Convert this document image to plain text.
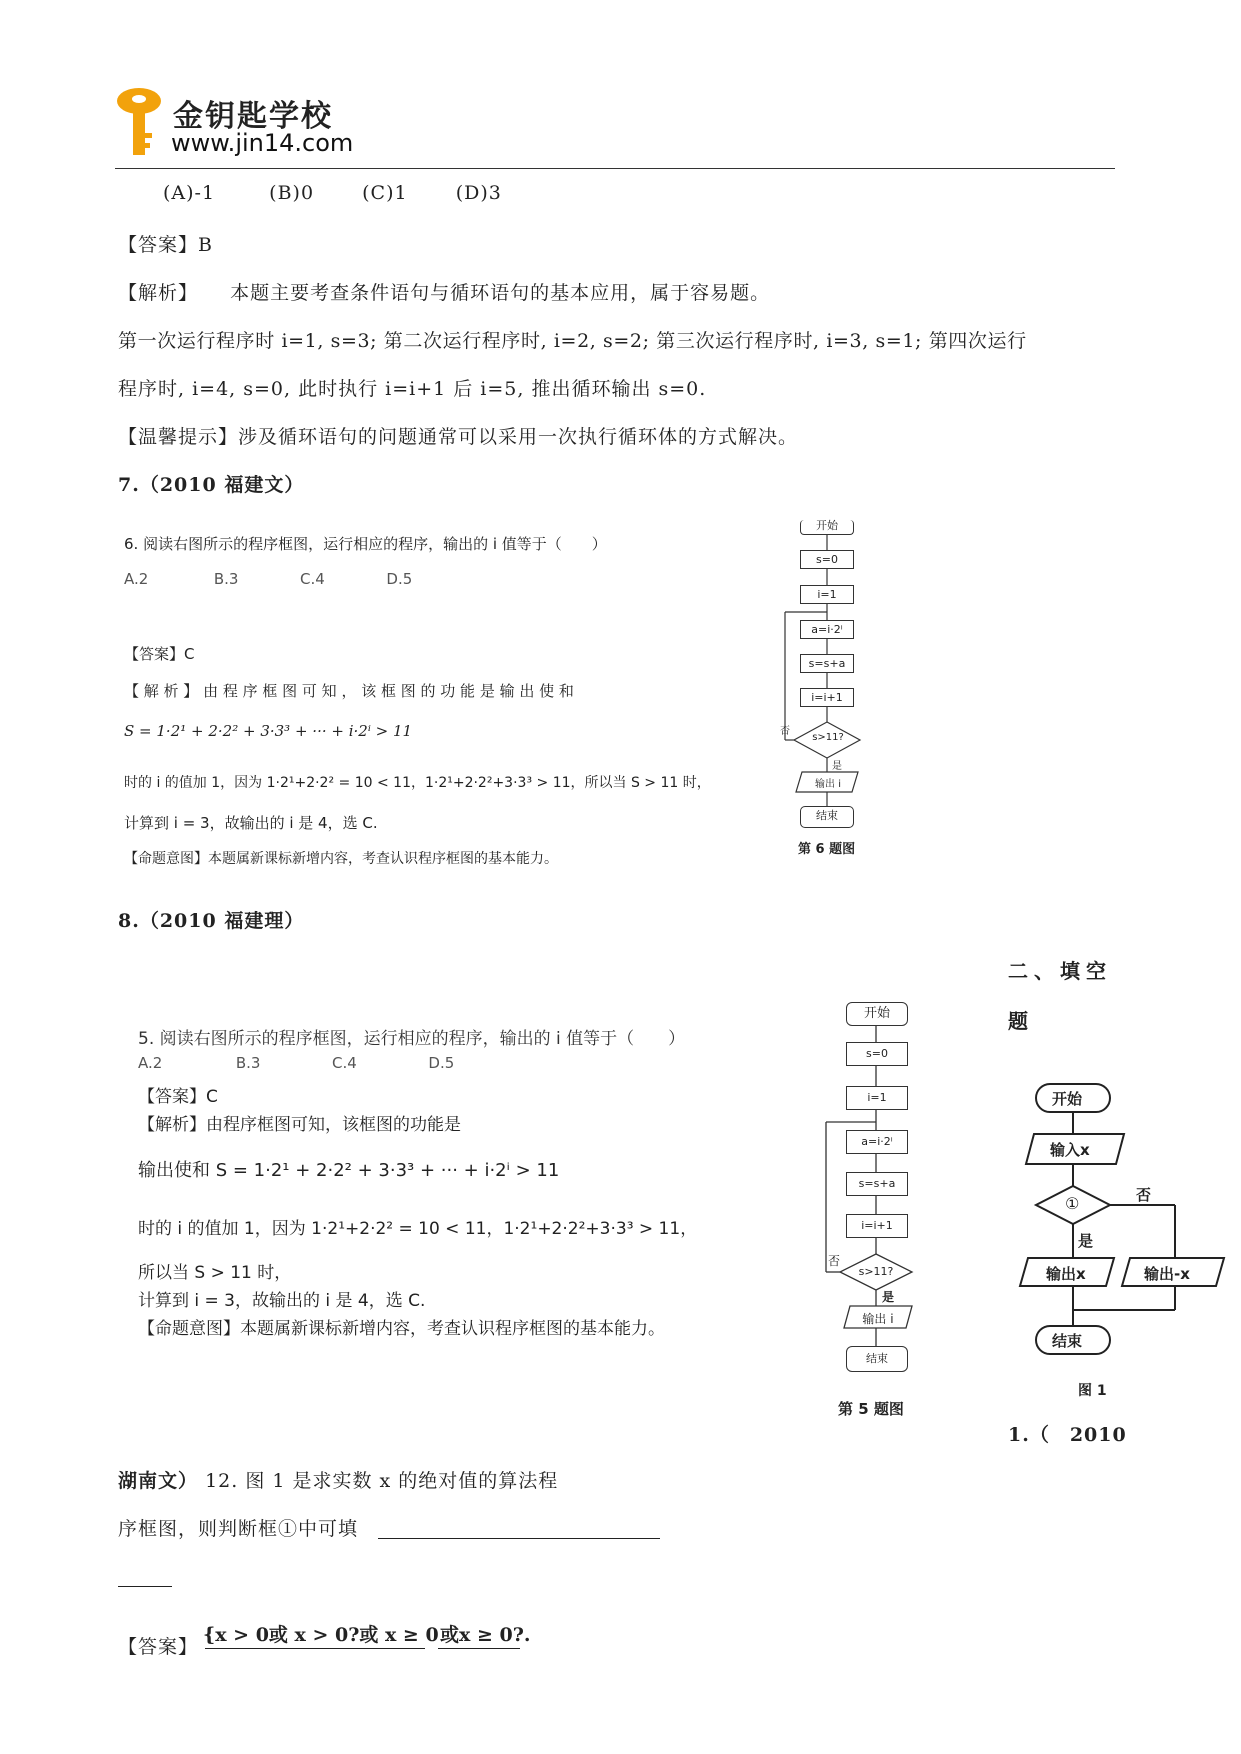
金钥匙学校
www.jin14.com
(A)-1	(B)0	(C)1	(D)3
【答案】B
【解析】 本题主要考查条件语句与循环语句的基本应用，属于容易题。
第一次运行程序时 i=1, s=3; 第二次运行程序时, i=2, s=2; 第三次运行程序时, i=3, s=1; 第四次运行
程序时, i=4, s=0, 此时执行 i=i+1 后 i=5, 推出循环输出 s=0.
【温馨提示】涉及循环语句的问题通常可以采用一次执行循环体的方式解决。
7.（2010 福建文）
6. 阅读右图所示的程序框图，运行相应的程序，输出的 i 值等于（　　）
A.2	B.3	C.4	D.5
【答案】C
【 解 析 】 由 程 序 框 图 可 知 ， 该 框 图 的 功 能 是 输 出 使 和
S = 1·2¹ + 2·2² + 3·3³ + ··· + i·2ⁱ > 11
时的 i 的值加 1，因为 1·2¹+2·2² = 10 < 11，1·2¹+2·2²+3·3³ > 11，所以当 S > 11 时，
计算到 i = 3，故输出的 i 是 4，选 C.
【命题意图】本题属新课标新增内容，考查认识程序框图的基本能力。
开始
s=0
i=1
a=i·2ⁱ
s=s+a
i=i+1
s>11?
否
是
输出 i
结束
第 6 题图
8.（2010 福建理）
5. 阅读右图所示的程序框图，运行相应的程序，输出的 i 值等于（　　）
A.2	B.3	C.4	D.5
【答案】C
【解析】由程序框图可知，该框图的功能是
输出使和 S = 1·2¹ + 2·2² + 3·3³ + ··· + i·2ⁱ > 11
时的 i 的值加 1，因为 1·2¹+2·2² = 10 < 11，1·2¹+2·2²+3·3³ > 11，
所以当 S > 11 时，
计算到 i = 3，故输出的 i 是 4，选 C.
【命题意图】本题属新课标新增内容，考查认识程序框图的基本能力。
开始
s=0
i=1
a=i·2ⁱ
s=s+a
i=i+1
s>11?
否
是
输出 i
结束
第 5 题图
二、填空
题
开始
输入x
①	否
是
输出x	输出-x
结束
图 1
1.（　2010
湖南文） 12. 图 1 是求实数 x 的绝对值的算法程
序框图，则判断框①中可填
【答案】
{x > 0或 x > 0?或 x ≥ 0 或x ≥ 0?.
